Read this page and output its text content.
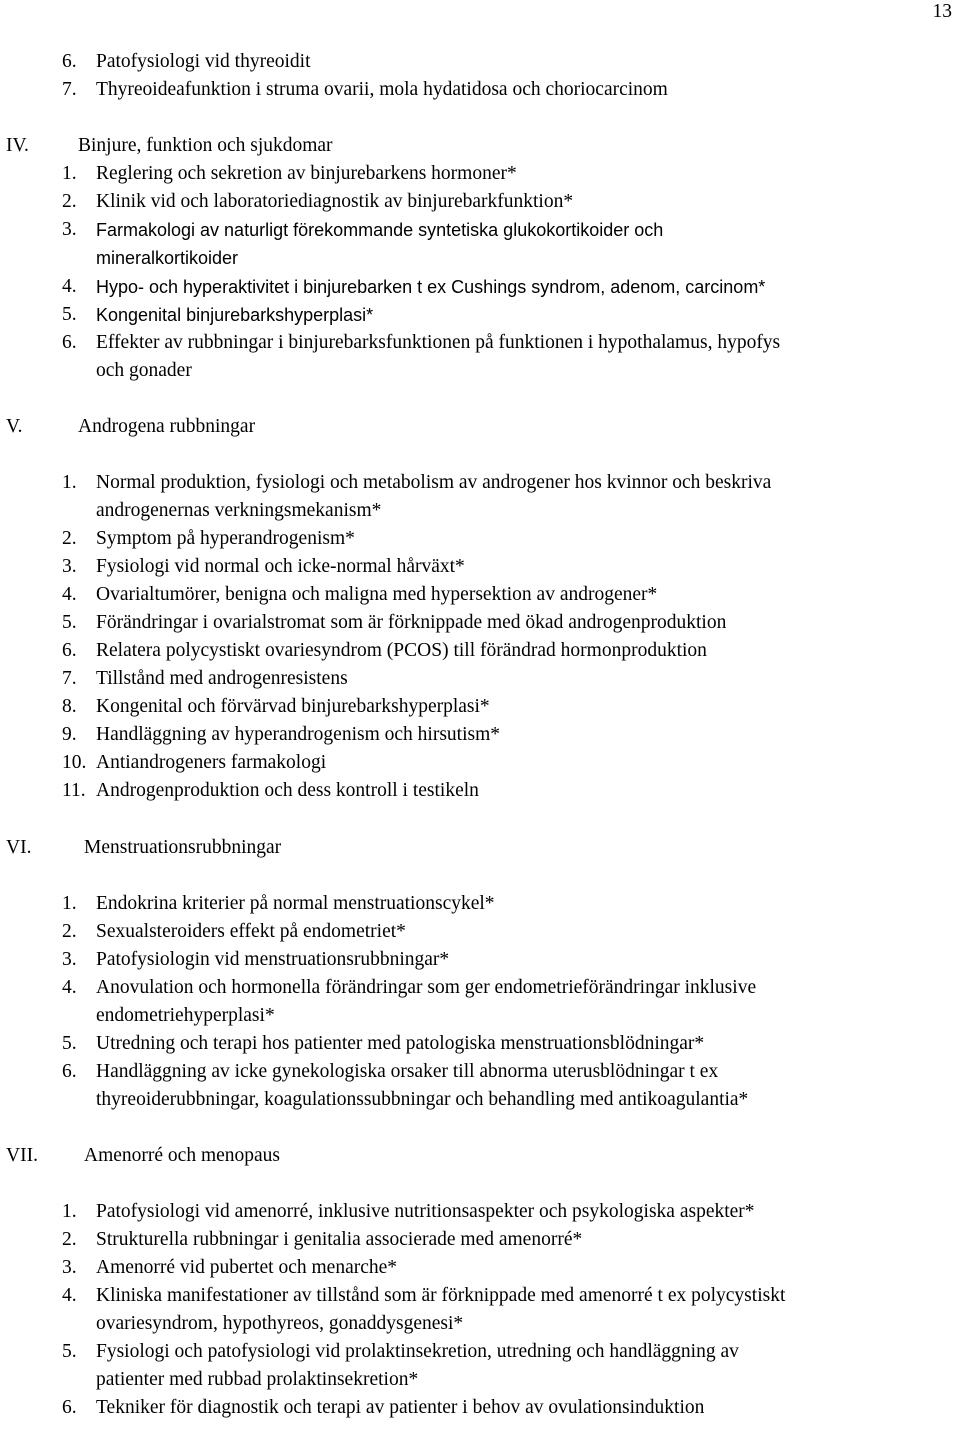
13
6. Patofysiologi vid thyreoidit
7. Thyreoideafunktion i struma ovarii, mola hydatidosa och choriocarcinom
IV.	Binjure, funktion och sjukdomar
1. Reglering och sekretion av binjurebarkens hormoner*
2. Klinik vid och laboratoriediagnostik av binjurebarkfunktion*
3. Farmakologi av naturligt förekommande syntetiska glukokortikoider och
mineralkortikoider
4. Hypo- och hyperaktivitet i binjurebarken t ex Cushings syndrom, adenom, carcinom*
5. Kongenital binjurebarkshyperplasi*
6. Effekter av rubbningar i binjurebarksfunktionen på funktionen i hypothalamus, hypofys
och gonader
V.	Androgena rubbningar
1. Normal produktion, fysiologi och metabolism av androgener hos kvinnor och beskriva
androgenernas verkningsmekanism*
2. Symptom på hyperandrogenism*
3. Fysiologi vid normal och icke-normal hårväxt*
4. Ovarialtumörer, benigna och maligna med hypersektion av androgener*
5. Förändringar i ovarialstromat som är förknippade med ökad androgenproduktion
6. Relatera polycystiskt ovariesyndrom (PCOS) till förändrad hormonproduktion
7. Tillstånd med androgenresistens
8. Kongenital och förvärvad binjurebarkshyperplasi*
9. Handläggning av hyperandrogenism och hirsutism*
10. Antiandrogeners farmakologi
11. Androgenproduktion och dess kontroll i testikeln
VI.	Menstruationsrubbningar
1. Endokrina kriterier på normal menstruationscykel*
2. Sexualsteroiders effekt på endometriet*
3. Patofysiologin vid menstruationsrubbningar*
4. Anovulation och hormonella förändringar som ger endometrieförändringar inklusive
endometriehyperplasi*
5. Utredning och terapi hos patienter med patologiska menstruationsblödningar*
6. Handläggning av icke gynekologiska orsaker till abnorma uterusblödningar t ex
thyreoiderubbningar, koagulationssubbningar och behandling med antikoagulantia*
VII. Amenorré och menopaus
1. Patofysiologi vid amenorré, inklusive nutritionsaspekter och psykologiska aspekter*
2. Strukturella rubbningar i genitalia associerade med amenorré*
3. Amenorré vid pubertet och menarche*
4. Kliniska manifestationer av tillstånd som är förknippade med amenorré t ex polycystiskt
ovariesyndrom, hypothyreos, gonaddysgenesi*
5. Fysiologi och patofysiologi vid prolaktinsekretion, utredning och handläggning av
patienter med rubbad prolaktinsekretion*
6. Tekniker för diagnostik och terapi av patienter i behov av ovulationsinduktion
